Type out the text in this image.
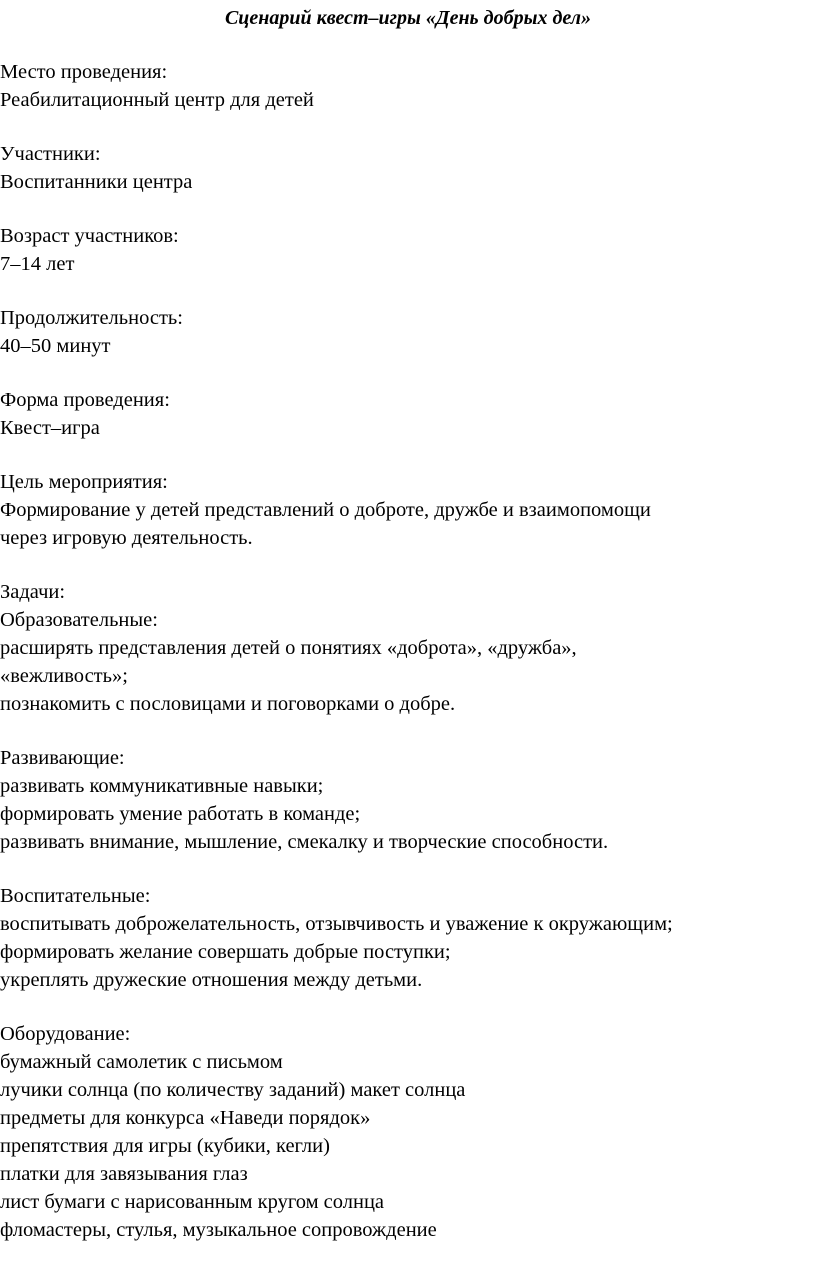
Сценарий квест–игры «День добрых дел»
Место проведения:
Реабилитационный центр для детей
Участники:
Воспитанники центра
Возраст участников:
7–14 лет
Продолжительность:
40–50 минут
Форма проведения:
Квест–игра
Цель мероприятия:
Формирование у детей представлений о доброте, дружбе и взаимопомощи
через игровую деятельность.
Задачи:
Образовательные:
расширять представления детей о понятиях «доброта», «дружба»,
«вежливость»;
познакомить с пословицами и поговорками о добре.
Развивающие:
развивать коммуникативные навыки;
формировать умение работать в команде;
развивать внимание, мышление, смекалку и творческие способности.
Воспитательные:
воспитывать доброжелательность, отзывчивость и уважение к окружающим;
формировать желание совершать добрые поступки;
укреплять дружеские отношения между детьми.
Оборудование:
бумажный самолетик с письмом
лучики солнца (по количеству заданий) макет солнца
предметы для конкурса «Наведи порядок»
препятствия для игры (кубики, кегли)
платки для завязывания глаз
лист бумаги с нарисованным кругом солнца
фломастеры, стулья, музыкальное сопровождение
